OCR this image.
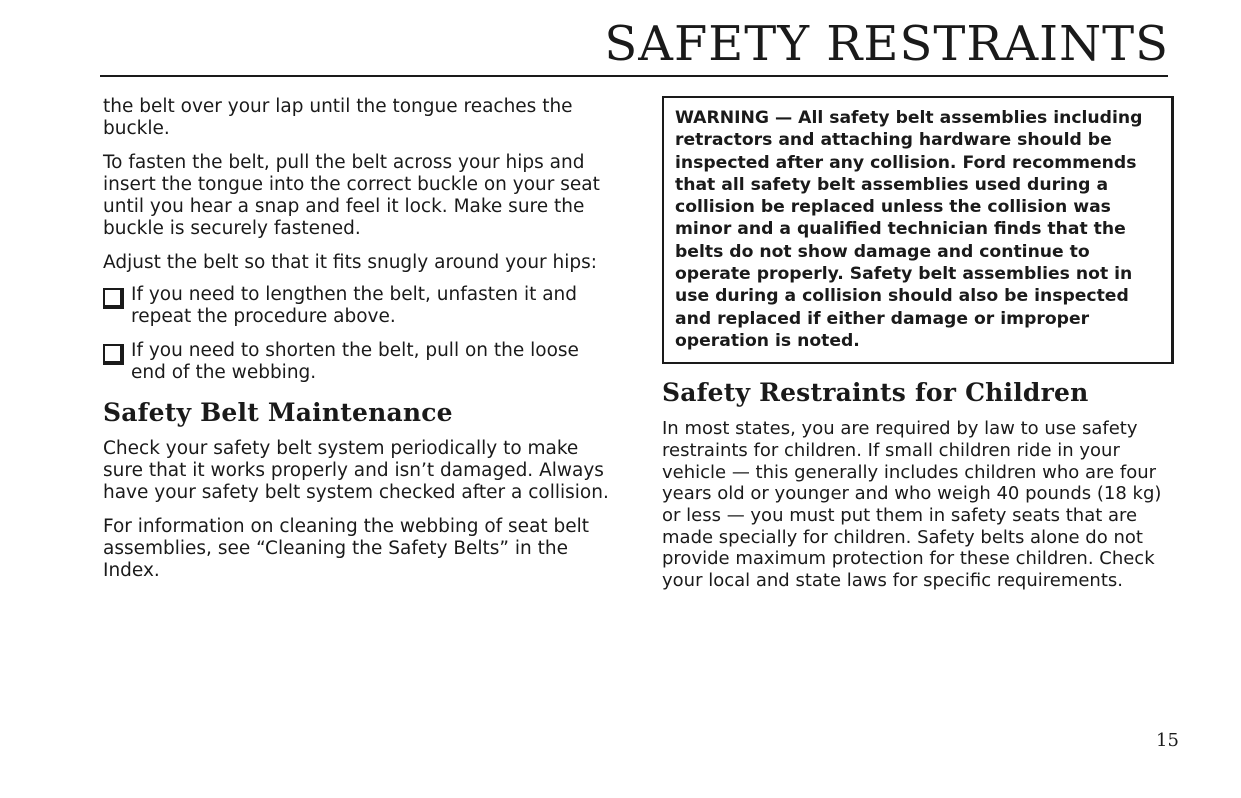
SAFETY RESTRAINTS

the belt over your lap until the tongue reaches the buckle.

To fasten the belt, pull the belt across your hips and insert the tongue into the correct buckle on your seat until you hear a snap and feel it lock. Make sure the buckle is securely fastened.

Adjust the belt so that it fits snugly around your hips:

If you need to lengthen the belt, unfasten it and repeat the procedure above.
If you need to shorten the belt, pull on the loose end of the webbing.
Safety Belt Maintenance

Check your safety belt system periodically to make sure that it works properly and isn’t damaged. Always have your safety belt system checked after a collision.

For information on cleaning the webbing of seat belt assemblies, see “Cleaning the Safety Belts” in the Index.

WARNING — All safety belt assemblies including retractors and attaching hardware should be inspected after any collision. Ford recommends that all safety belt assemblies used during a collision be replaced unless the collision was minor and a qualified technician finds that the belts do not show damage and continue to operate properly. Safety belt assemblies not in use during a collision should also be inspected and replaced if either damage or improper operation is noted.

Safety Restraints for Children

In most states, you are required by law to use safety restraints for children. If small children ride in your vehicle — this generally includes children who are four years old or younger and who weigh 40 pounds (18 kg) or less — you must put them in safety seats that are made specially for children. Safety belts alone do not provide maximum protection for these children. Check your local and state laws for specific requirements.

15
